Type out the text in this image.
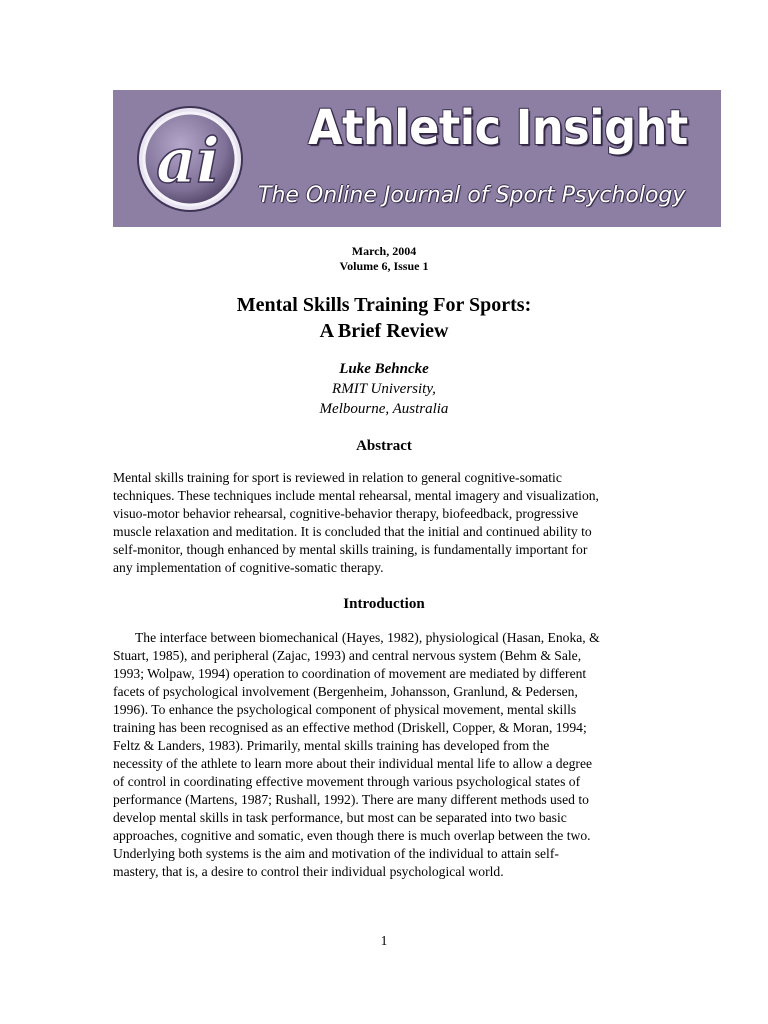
ai Athletic Insight
The Online Journal of Sport Psychology
March, 2004
Volume 6, Issue 1
Mental Skills Training For Sports:
A Brief Review
Luke Behncke
RMIT University,
Melbourne, Australia
Abstract
Mental skills training for sport is reviewed in relation to general cognitive-somatic
techniques. These techniques include mental rehearsal, mental imagery and visualization,
visuo-motor behavior rehearsal, cognitive-behavior therapy, biofeedback, progressive
muscle relaxation and meditation. It is concluded that the initial and continued ability to
self-monitor, though enhanced by mental skills training, is fundamentally important for
any implementation of cognitive-somatic therapy.
Introduction
The interface between biomechanical (Hayes, 1982), physiological (Hasan, Enoka, &
Stuart, 1985), and peripheral (Zajac, 1993) and central nervous system (Behm & Sale,
1993; Wolpaw, 1994) operation to coordination of movement are mediated by different
facets of psychological involvement (Bergenheim, Johansson, Granlund, & Pedersen,
1996). To enhance the psychological component of physical movement, mental skills
training has been recognised as an effective method (Driskell, Copper, & Moran, 1994;
Feltz & Landers, 1983). Primarily, mental skills training has developed from the
necessity of the athlete to learn more about their individual mental life to allow a degree
of control in coordinating effective movement through various psychological states of
performance (Martens, 1987; Rushall, 1992). There are many different methods used to
develop mental skills in task performance, but most can be separated into two basic
approaches, cognitive and somatic, even though there is much overlap between the two.
Underlying both systems is the aim and motivation of the individual to attain self-
mastery, that is, a desire to control their individual psychological world.
1
